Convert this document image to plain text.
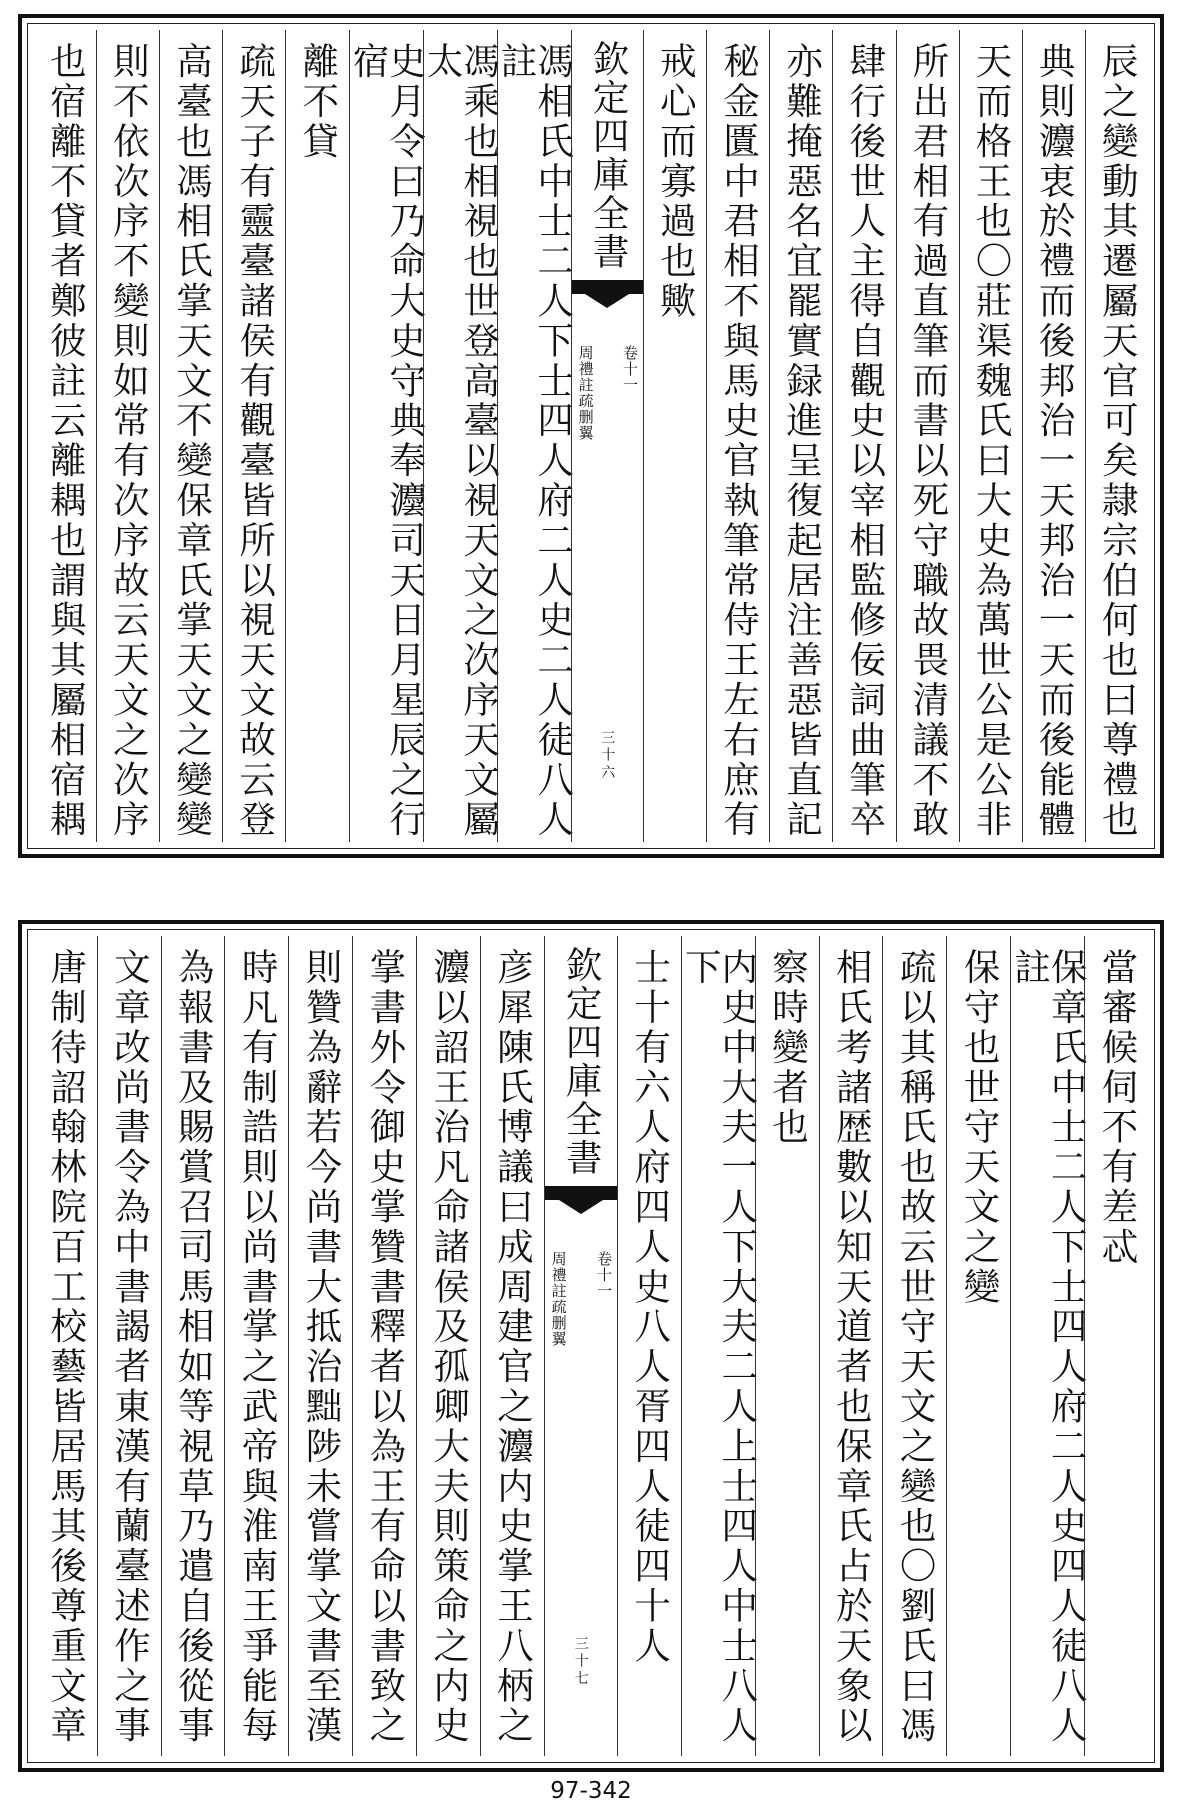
辰之變動其遷屬天官可矣隷宗伯何也曰尊禮也
典則灋衷於禮而後邦治一天邦治一天而後能體
天而格王也〇莊渠魏氏曰大史為萬世公是公非
所出君相有過直筆而書以死守職故畏清議不敢
肆行後世人主得自觀史以宰相監修佞詞曲筆卒
亦難掩惡名宜罷實録進呈復起居注善惡皆直記
秘金匱中君相不與馬史官執筆常侍王左右庶有
戒心而寡過也歟
欽定四庫全書
周禮註疏删翼 卷十一
三十六
馮相氏中士二人下士四人府二人史二人徒八人註
馮乘也相視也世登高臺以視天文之次序天文屬太
史月令曰乃命大史守典奉灋司天日月星辰之行宿
離不貸
疏天子有靈臺諸侯有觀臺皆所以視天文故云登
高臺也馮相氏掌天文不變保章氏掌天文之變變
則不依次序不變則如常有次序故云天文之次序
也宿離不貸者鄭彼註云離耦也謂與其屬相宿耦
當審候伺不有差忒
保章氏中士二人下士四人府二人史四人徒八人註
保守也世守天文之變
疏以其稱氏也故云世守天文之變也〇劉氏曰馮
相氏考諸歴數以知天道者也保章氏占於天象以
察時變者也
内史中大夫一人下大夫二人上士四人中士八人下
士十有六人府四人史八人胥四人徒四十人
欽定四庫全書
周禮註疏删翼 卷十一
三十七
彦犀陳氏博議曰成周建官之灋内史掌王八柄之
灋以詔王治凡命諸侯及孤卿大夫則策命之内史
掌書外令御史掌贊書釋者以為王有命以書致之
則贊為辭若今尚書大抵治黜陟未嘗掌文書至漢
時凡有制誥則以尚書掌之武帝與淮南王爭能每
為報書及賜賞召司馬相如等視草乃遣自後從事
文章改尚書令為中書謁者東漢有蘭臺述作之事
唐制待詔翰林院百工校藝皆居馬其後尊重文章
97-342
